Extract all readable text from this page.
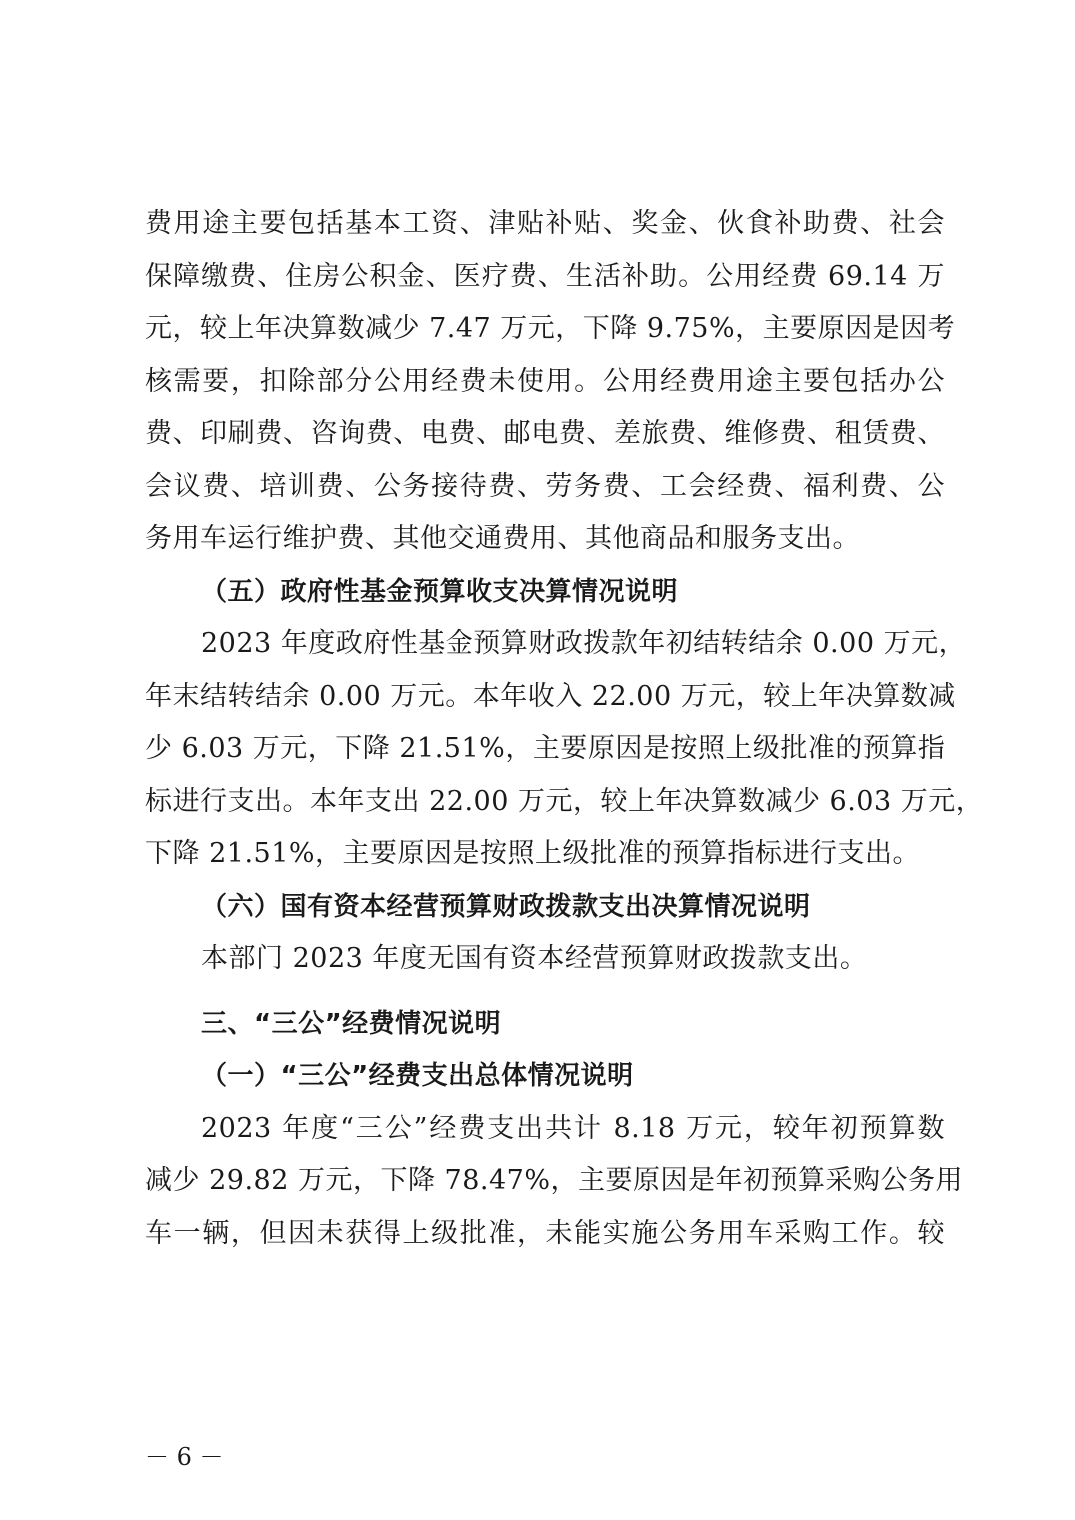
费用途主要包括基本工资、津贴补贴、奖金、伙食补助费、社会

保障缴费、住房公积金、医疗费、生活补助。公用经费 69.14 万

元，较上年决算数减少 7.47 万元，下降 9.75%，主要原因是因考

核需要，扣除部分公用经费未使用。公用经费用途主要包括办公

费、印刷费、咨询费、电费、邮电费、差旅费、维修费、租赁费、

会议费、培训费、公务接待费、劳务费、工会经费、福利费、公

务用车运行维护费、其他交通费用、其他商品和服务支出。

（五）政府性基金预算收支决算情况说明

2023 年度政府性基金预算财政拨款年初结转结余 0.00 万元，

年末结转结余 0.00 万元。本年收入 22.00 万元，较上年决算数减

少 6.03 万元，下降 21.51%，主要原因是按照上级批准的预算指

标进行支出。本年支出 22.00 万元，较上年决算数减少 6.03 万元，

下降 21.51%，主要原因是按照上级批准的预算指标进行支出。

（六）国有资本经营预算财政拨款支出决算情况说明

本部门 2023 年度无国有资本经营预算财政拨款支出。

三、“三公”经费情况说明

（一）“三公”经费支出总体情况说明

2023 年度“三公”经费支出共计 8.18 万元，较年初预算数

减少 29.82 万元，下降 78.47%，主要原因是年初预算采购公务用

车一辆，但因未获得上级批准，未能实施公务用车采购工作。较

－ 6 －
